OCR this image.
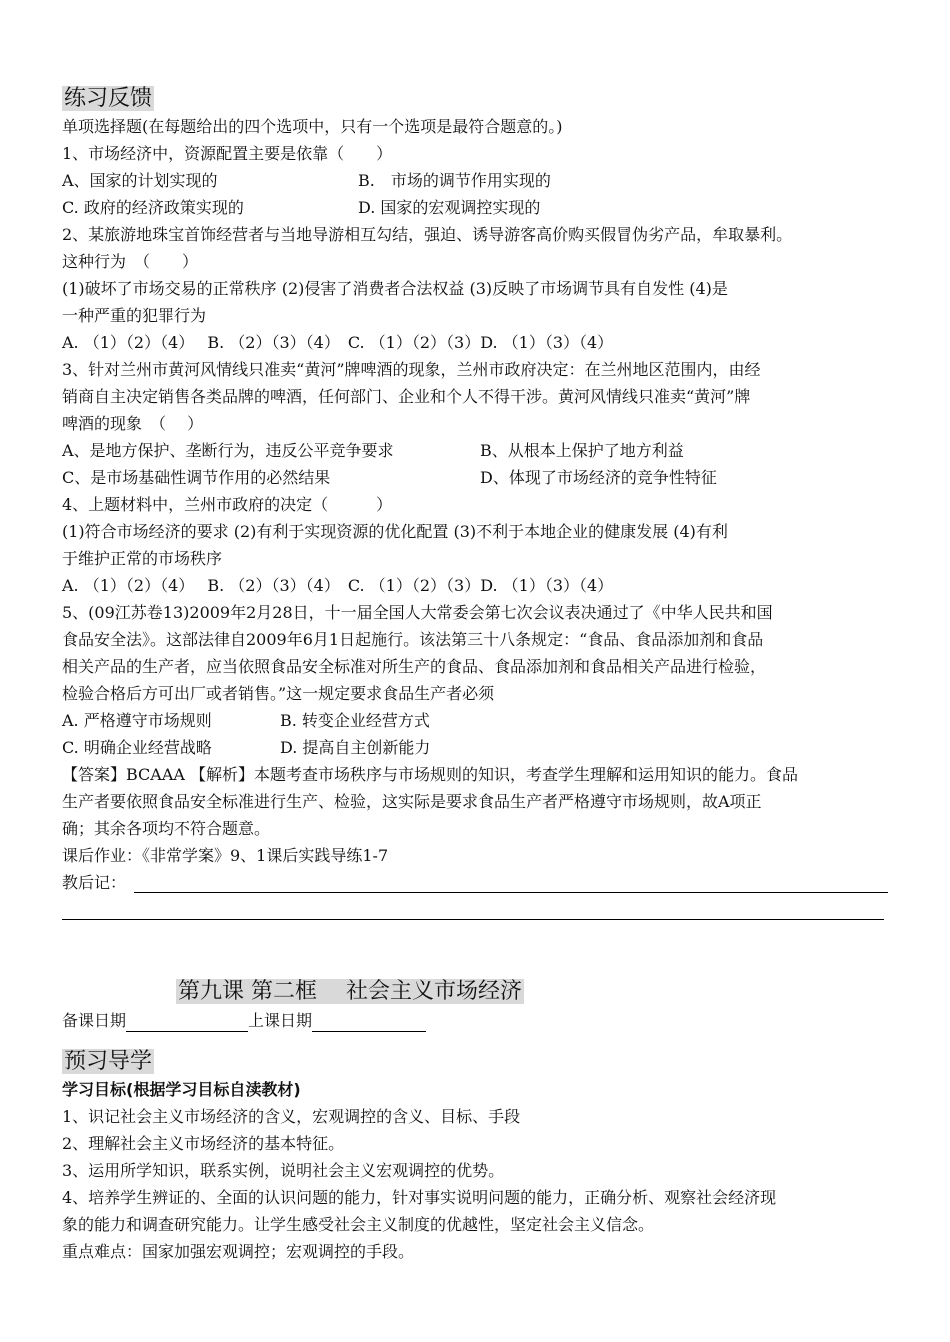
练习反馈
单项选择题(在每题给出的四个选项中，只有一个选项是最符合题意的。)
1、市场经济中，资源配置主要是依靠（　　）
A、国家的计划实现的	B.　市场的调节作用实现的
C. 政府的经济政策实现的	D. 国家的宏观调控实现的
2、某旅游地珠宝首饰经营者与当地导游相互勾结，强迫、诱导游客高价购买假冒伪劣产品，牟取暴利。
这种行为　（　　）
(1)破坏了市场交易的正常秩序 (2)侵害了消费者合法权益 (3)反映了市场调节具有自发性 (4)是
一种严重的犯罪行为
A. （1）（2）（4）　 B. （2）（3）（4）　C. （1）（2）（3）D. （1）（3）（4）
3、针对兰州市黄河风情线只准卖“黄河”牌啤酒的现象，兰州市政府决定：在兰州地区范围内，由经
销商自主决定销售各类品牌的啤酒，任何部门、企业和个人不得干涉。黄河风情线只准卖“黄河”牌
啤酒的现象　（　 ）
A、是地方保护、垄断行为，违反公平竞争要求	B、从根本上保护了地方利益
C、是市场基础性调节作用的必然结果	D、体现了市场经济的竞争性特征
4、上题材料中，兰州市政府的决定（　　　）
(1)符合市场经济的要求 (2)有利于实现资源的优化配置 (3)不利于本地企业的健康发展 (4)有利
于维护正常的市场秩序
A. （1）（2）（4）　 B. （2）（3）（4）　C. （1）（2）（3）D. （1）（3）（4）
5、(09江苏卷13)2009年2月28日，十一届全国人大常委会第七次会议表决通过了《中华人民共和国
食品安全法》。这部法律自2009年6月1日起施行。该法第三十八条规定：“食品、食品添加剂和食品
相关产品的生产者，应当依照食品安全标准对所生产的食品、食品添加剂和食品相关产品进行检验，
检验合格后方可出厂或者销售。”这一规定要求食品生产者必须
A. 严格遵守市场规则	B. 转变企业经营方式
C. 明确企业经营战略	D. 提高自主创新能力
【答案】BCAAA 【解析】本题考查市场秩序与市场规则的知识，考查学生理解和运用知识的能力。食品
生产者要依照食品安全标准进行生产、检验，这实际是要求食品生产者严格遵守市场规则，故A项正
确；其余各项均不符合题意。
课后作业：《非常学案》9、1课后实践导练1-7
教后记：
第九课 第二框　 社会主义市场经济
备课日期	上课日期
预习导学
学习目标(根据学习目标自渎教材)
1、识记社会主义市场经济的含义，宏观调控的含义、目标、手段
2、理解社会主义市场经济的基本特征。
3、运用所学知识，联系实例，说明社会主义宏观调控的优势。
4、培养学生辨证的、全面的认识问题的能力，针对事实说明问题的能力，正确分析、观察社会经济现
象的能力和调查研究能力。让学生感受社会主义制度的优越性，坚定社会主义信念。
重点难点：国家加强宏观调控；宏观调控的手段。
